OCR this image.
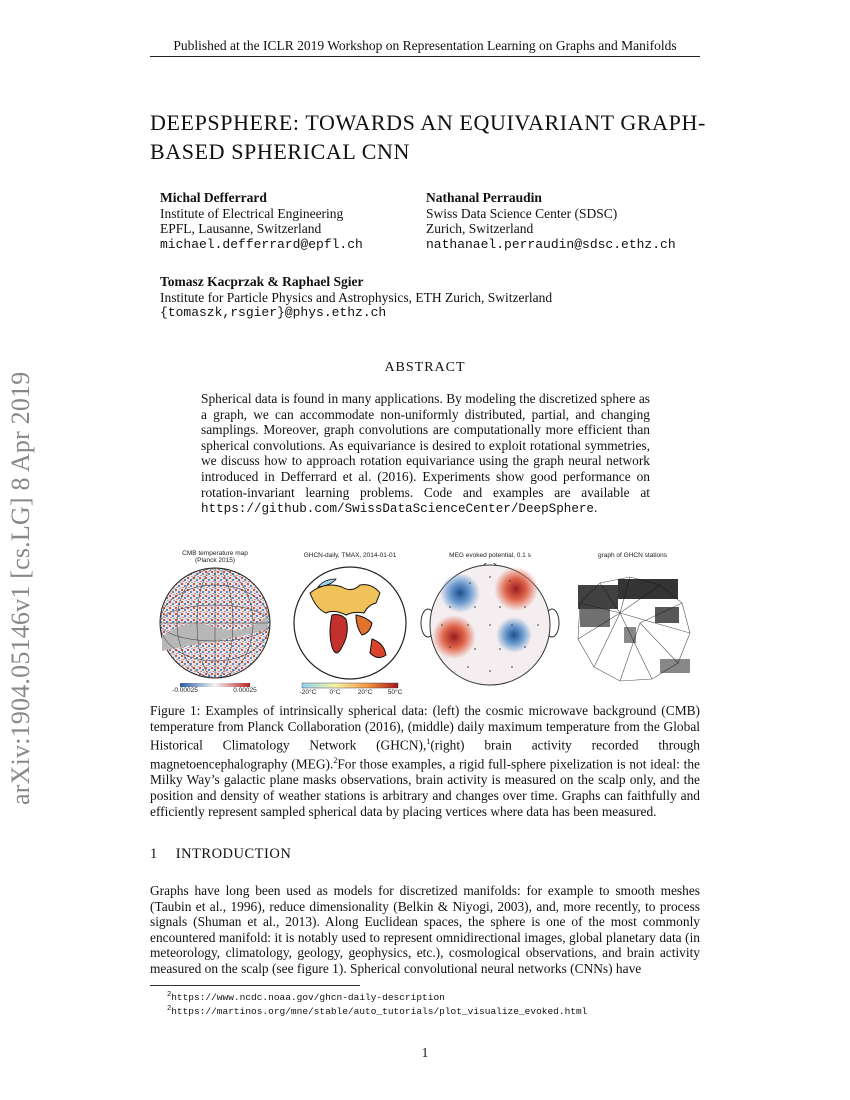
Published at the ICLR 2019 Workshop on Representation Learning on Graphs and Manifolds
DEEPSPHERE: TOWARDS AN EQUIVARIANT GRAPH-
BASED SPHERICAL CNN
Michal Defferrard
Institute of Electrical Engineering
EPFL, Lausanne, Switzerland
michael.defferrard@epfl.ch
Nathanal Perraudin
Swiss Data Science Center (SDSC)
Zurich, Switzerland
nathanael.perraudin@sdsc.ethz.ch
Tomasz Kacprzak & Raphael Sgier
Institute for Particle Physics and Astrophysics, ETH Zurich, Switzerland
{tomaszk,rsgier}@phys.ethz.ch
arXiv:1904.05146v1 [cs.LG] 8 Apr 2019
ABSTRACT
Spherical data is found in many applications. By modeling the discretized sphere as a graph, we can accommodate non-uniformly distributed, partial, and changing samplings. Moreover, graph convolutions are computationally more efficient than spherical convolutions. As equivariance is desired to exploit rotational symmetries, we discuss how to approach rotation equivariance using the graph neural network introduced in Defferrard et al. (2016). Experiments show good performance on rotation-invariant learning problems. Code and examples are available at https://github.com/SwissDataScienceCenter/DeepSphere.
CMB temperature map
(Planck 2015)
-0.00025	0.00025
GHCN-daily, TMAX, 2014-01-01
-20°C	0°C	20°C	50°C
MEG evoked potential, 0.1 s	graph of GHCN stations
Figure 1: Examples of intrinsically spherical data: (left) the cosmic microwave background (CMB) temperature from Planck Collaboration (2016), (middle) daily maximum temperature from the Global Historical Climatology Network (GHCN),$^1$(right) brain activity recorded through magnetoencephalography (MEG).$^2$For those examples, a rigid full-sphere pixelization is not ideal: the Milky Way’s galactic plane masks observations, brain activity is measured on the scalp only, and the position and density of weather stations is arbitrary and changes over time. Graphs can faithfully and efficiently represent sampled spherical data by placing vertices where data has been measured.
1 INTRODUCTION
Graphs have long been used as models for discretized manifolds: for example to smooth meshes (Taubin et al., 1996), reduce dimensionality (Belkin & Niyogi, 2003), and, more recently, to process signals (Shuman et al., 2013). Along Euclidean spaces, the sphere is one of the most commonly encountered manifold: it is notably used to represent omnidirectional images, global planetary data (in meteorology, climatology, geology, geophysics, etc.), cosmological observations, and brain activity measured on the scalp (see figure 1). Spherical convolutional neural networks (CNNs) have
$^2$https://www.ncdc.noaa.gov/ghcn-daily-description
$^2$https://martinos.org/mne/stable/auto_tutorials/plot_visualize_evoked.html
1
